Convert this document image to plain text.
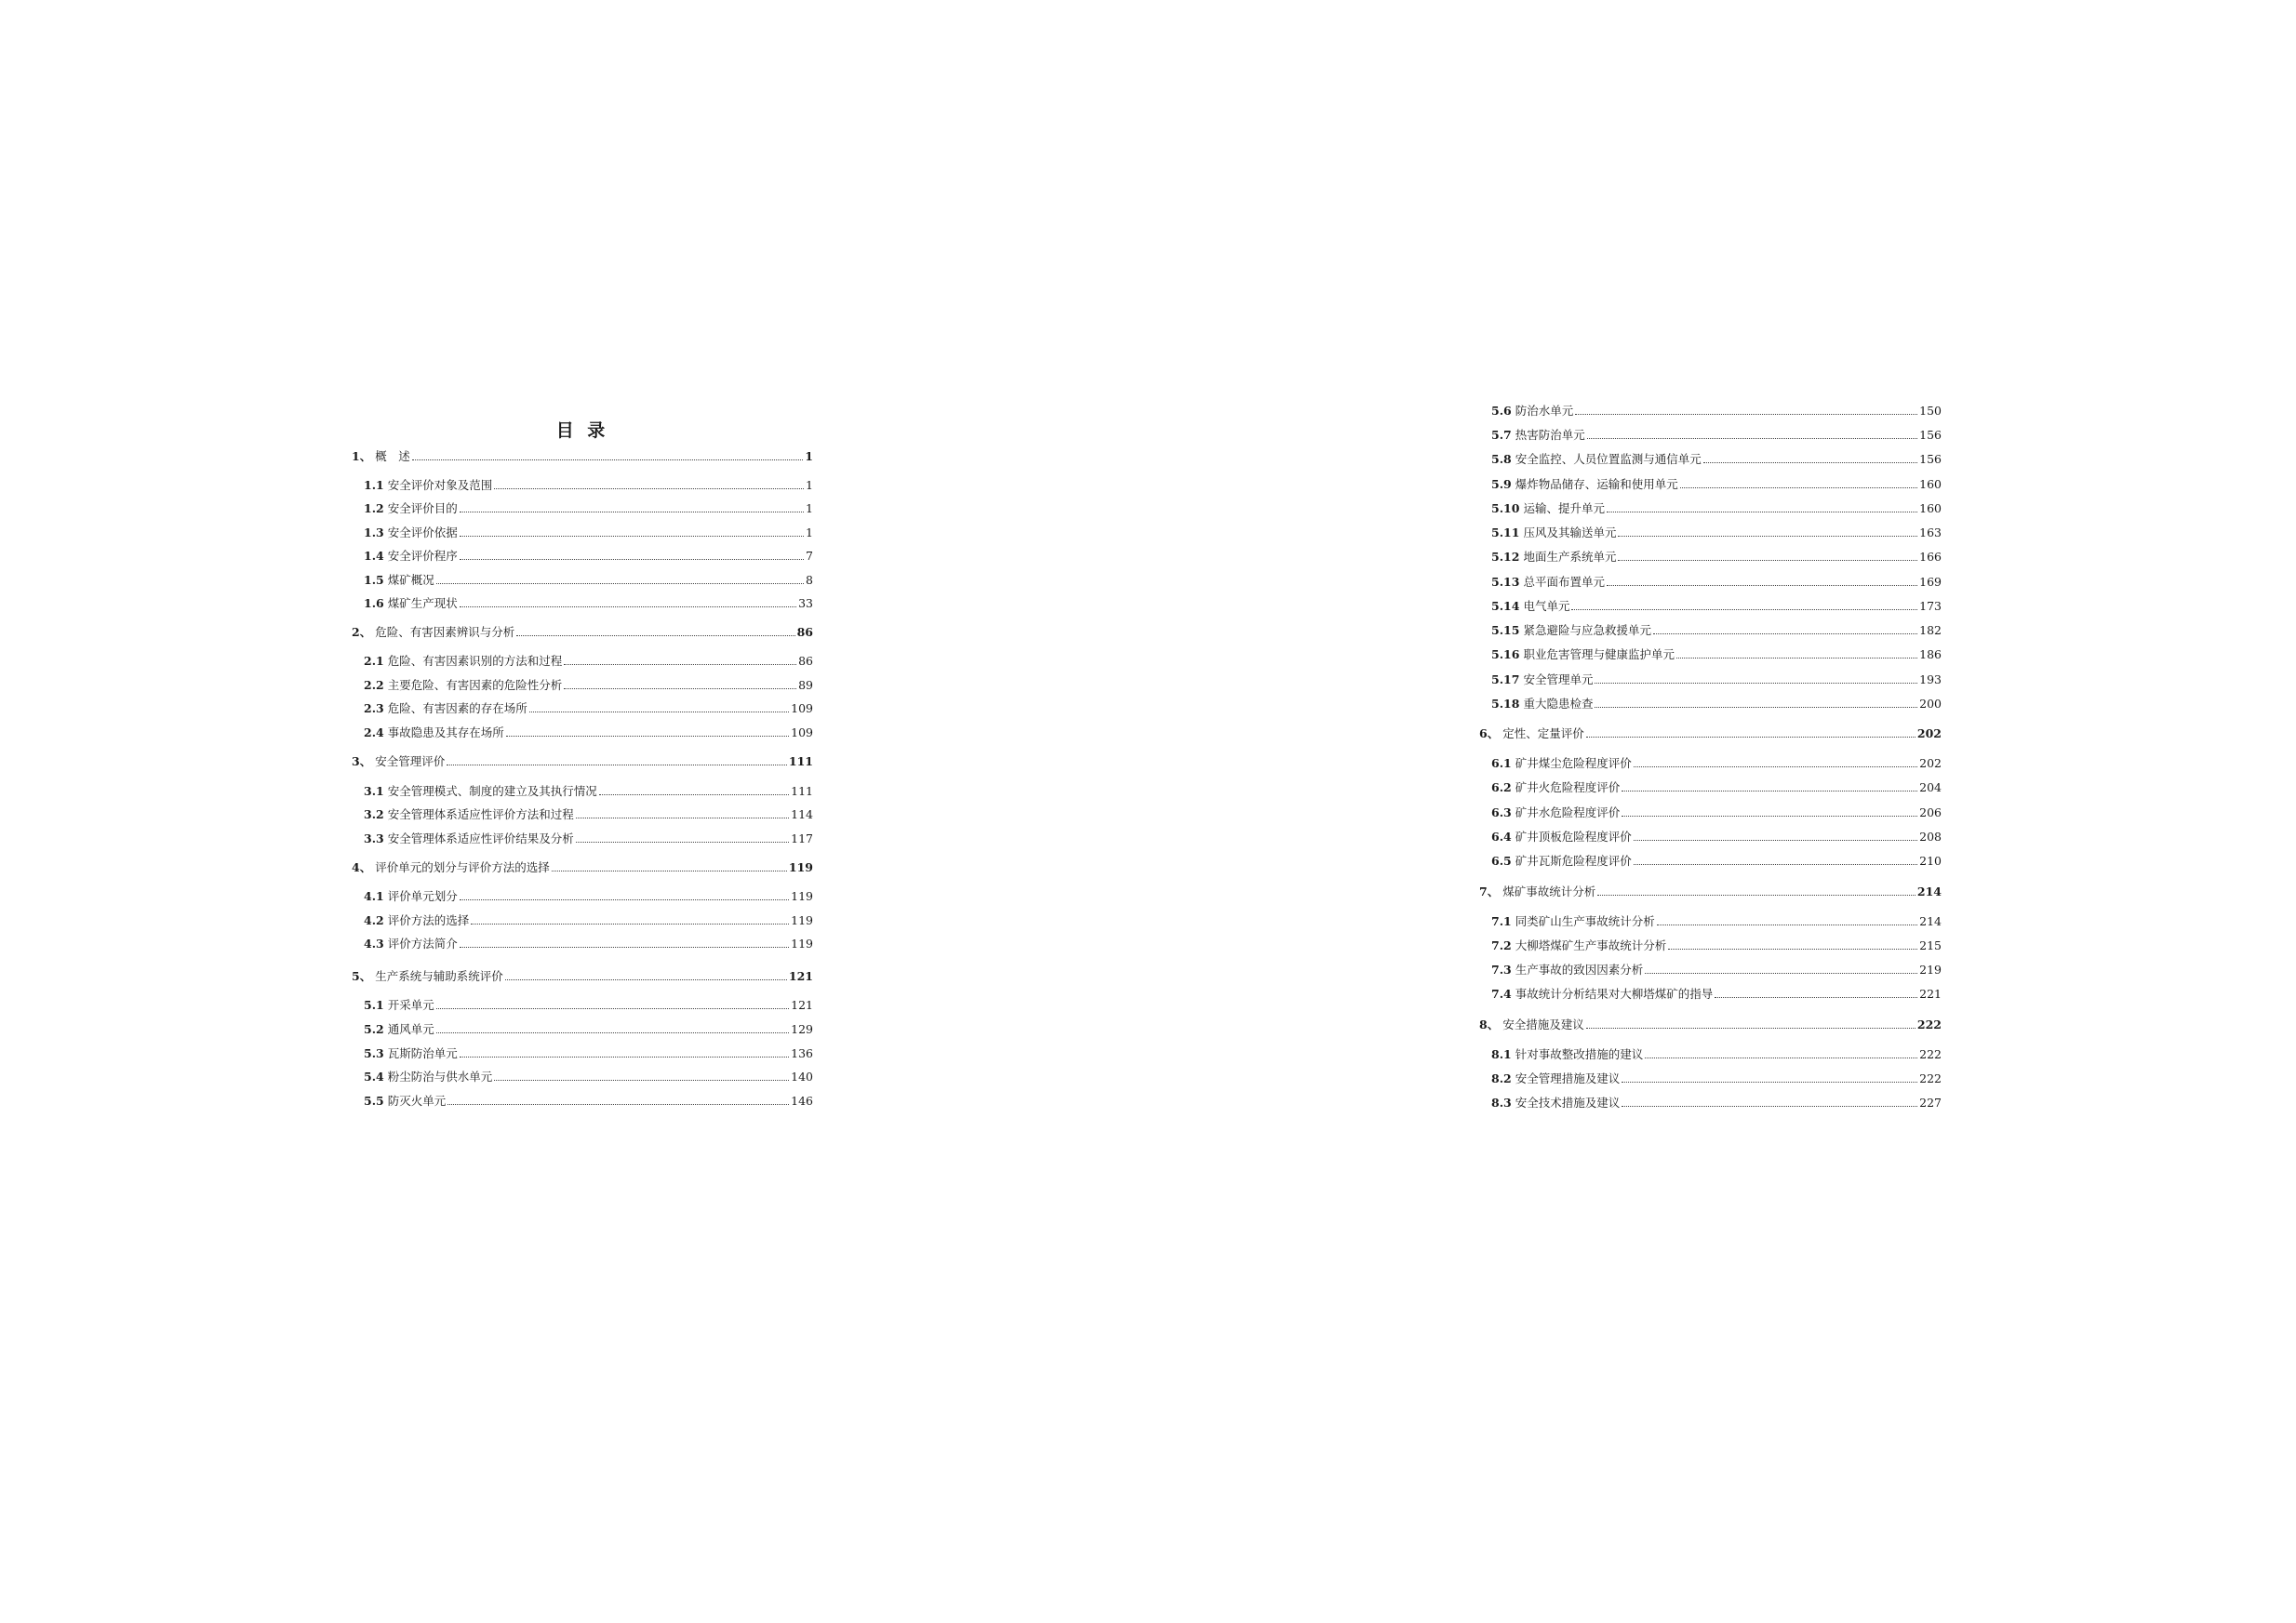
目 录
1、 概　述	1
1.1 安全评价对象及范围	1
1.2 安全评价目的	1
1.3 安全评价依据	1
1.4 安全评价程序	7
1.5 煤矿概况	8
1.6 煤矿生产现状	33
2、 危险、有害因素辨识与分析	86
2.1 危险、有害因素识别的方法和过程	86
2.2 主要危险、有害因素的危险性分析	89
2.3 危险、有害因素的存在场所	109
2.4 事故隐患及其存在场所	109
3、 安全管理评价	111
3.1 安全管理模式、制度的建立及其执行情况	111
3.2 安全管理体系适应性评价方法和过程	114
3.3 安全管理体系适应性评价结果及分析	117
4、 评价单元的划分与评价方法的选择	119
4.1 评价单元划分	119
4.2 评价方法的选择	119
4.3 评价方法简介	119
5、 生产系统与辅助系统评价	121
5.1 开采单元	121
5.2 通风单元	129
5.3 瓦斯防治单元	136
5.4 粉尘防治与供水单元	140
5.5 防灭火单元	146
5.6 防治水单元	150
5.7 热害防治单元	156
5.8 安全监控、人员位置监测与通信单元	156
5.9 爆炸物品储存、运输和使用单元	160
5.10 运输、提升单元	160
5.11 压风及其输送单元	163
5.12 地面生产系统单元	166
5.13 总平面布置单元	169
5.14 电气单元	173
5.15 紧急避险与应急救援单元	182
5.16 职业危害管理与健康监护单元	186
5.17 安全管理单元	193
5.18 重大隐患检查	200
6、 定性、定量评价	202
6.1 矿井煤尘危险程度评价	202
6.2 矿井火危险程度评价	204
6.3 矿井水危险程度评价	206
6.4 矿井顶板危险程度评价	208
6.5 矿井瓦斯危险程度评价	210
7、 煤矿事故统计分析	214
7.1 同类矿山生产事故统计分析	214
7.2 大柳塔煤矿生产事故统计分析	215
7.3 生产事故的致因因素分析	219
7.4 事故统计分析结果对大柳塔煤矿的指导	221
8、 安全措施及建议	222
8.1 针对事故整改措施的建议	222
8.2 安全管理措施及建议	222
8.3 安全技术措施及建议	227
